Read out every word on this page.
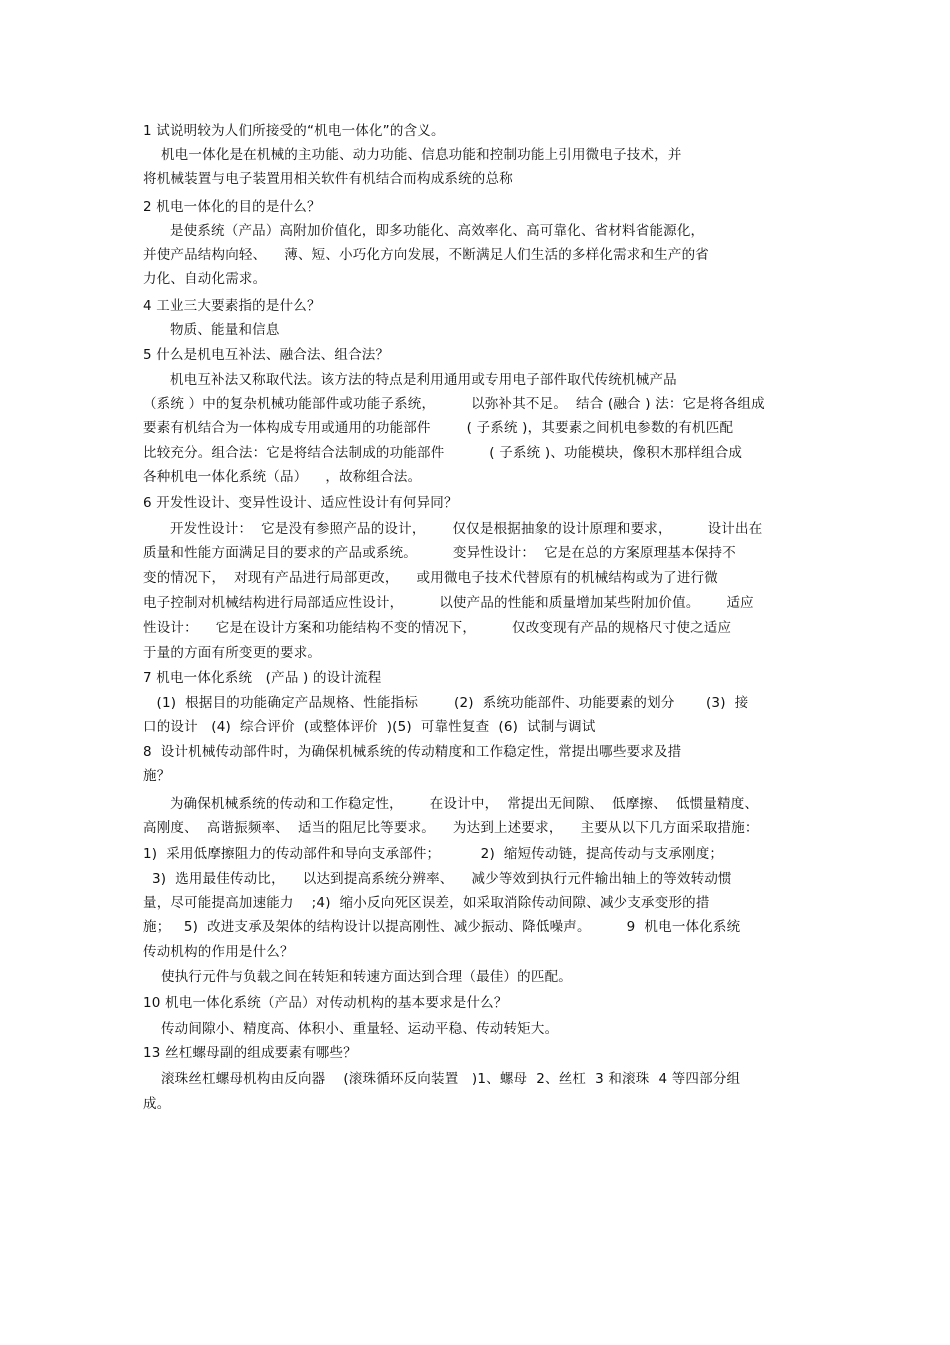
1 试说明较为人们所接受的“机电一体化”的含义。
机电一体化是在机械的主功能、动力功能、信息功能和控制功能上引用微电子技术，并
将机械装置与电子装置用相关软件有机结合而构成系统的总称
2 机电一体化的目的是什么？
是使系统（产品）高附加价值化，即多功能化、高效率化、高可靠化、省材料省能源化，
并使产品结构向轻、    薄、短、小巧化方向发展，不断满足人们生活的多样化需求和生产的省
力化、自动化需求。
4 工业三大要素指的是什么？
物质、能量和信息
5 什么是机电互补法、融合法、组合法？
机电互补法又称取代法。该方法的特点是利用通用或专用电子部件取代传统机械产品
（系统 ）中的复杂机械功能部件或功能子系统，        以弥补其不足。  结合 (融合 ) 法：它是将各组成
要素有机结合为一体构成专用或通用的功能部件        ( 子系统 )，其要素之间机电参数的有机匹配
比较充分。组合法：它是将结合法制成的功能部件          ( 子系统 )、功能模块，像积木那样组合成
各种机电一体化系统（品）    ，故称组合法。
6 开发性设计、变异性设计、适应性设计有何异同？
开发性设计：  它是没有参照产品的设计，      仅仅是根据抽象的设计原理和要求，        设计出在
质量和性能方面满足目的要求的产品或系统。        变异性设计：  它是在总的方案原理基本保持不
变的情况下，  对现有产品进行局部更改，    或用微电子技术代替原有的机械结构或为了进行微
电子控制对机械结构进行局部适应性设计，        以使产品的性能和质量增加某些附加价值。      适应
性设计：    它是在设计方案和功能结构不变的情况下，        仅改变现有产品的规格尺寸使之适应
于量的方面有所变更的要求。
7 机电一体化系统   (产品 ) 的设计流程
(1)  根据目的功能确定产品规格、性能指标        (2)  系统功能部件、功能要素的划分       (3)  接
口的设计   (4)  综合评价  (或整体评价  )(5)  可靠性复查  (6)  试制与调试
8  设计机械传动部件时，为确保机械系统的传动精度和工作稳定性，常提出哪些要求及措
施？
为确保机械系统的传动和工作稳定性，      在设计中，  常提出无间隙、  低摩擦、  低惯量精度、
高刚度、  高谐振频率、  适当的阻尼比等要求。    为达到上述要求，    主要从以下几方面采取措施：
1)  采用低摩擦阻力的传动部件和导向支承部件；         2)  缩短传动链，提高传动与支承刚度；
3)  选用最佳传动比，    以达到提高系统分辨率、    减少等效到执行元件输出轴上的等效转动惯
量，尽可能提高加速能力    ;4)  缩小反向死区误差，如采取消除传动间隙、减少支承变形的措
施；   5)  改进支承及架体的结构设计以提高刚性、减少振动、降低噪声。        9  机电一体化系统
传动机构的作用是什么？
使执行元件与负载之间在转矩和转速方面达到合理（最佳）的匹配。
10 机电一体化系统（产品）对传动机构的基本要求是什么？
传动间隙小、精度高、体积小、重量轻、运动平稳、传动转矩大。
13 丝杠螺母副的组成要素有哪些？
滚珠丝杠螺母机构由反向器    (滚珠循环反向装置   )1、螺母  2、丝杠  3 和滚珠  4 等四部分组
成。
